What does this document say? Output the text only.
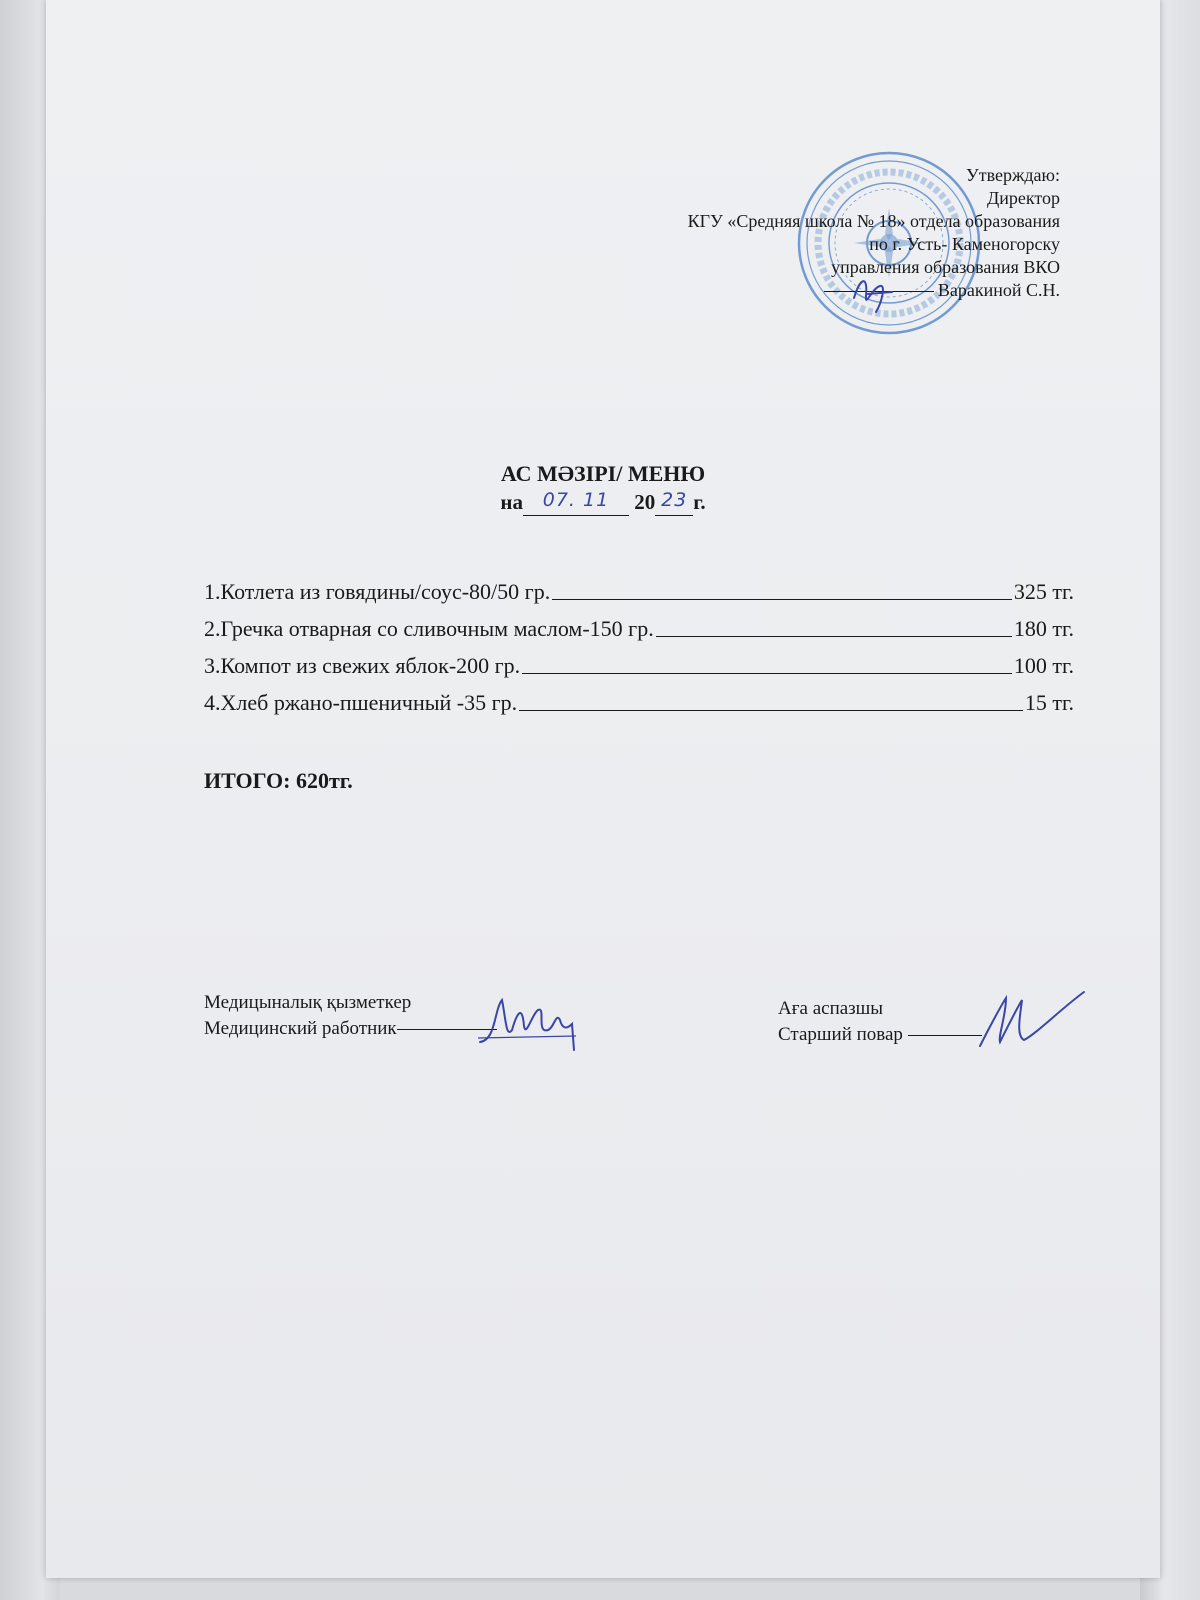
Утверждаю:
Директор
КГУ «Средняя школа № 18» отдела образования
по г. Усть- Каменогорску
управления образования ВКО
Варакиной С.Н.
АС МӘЗІРІ/ МЕНЮ
на 07. 11 20 23 г.
1.Котлета из говядины/соус-80/50 гр.	325 тг.
2.Гречка отварная со сливочным маслом-150 гр.	180 тг.
3.Компот из свежих яблок-200 гр.	100 тг.
4.Хлеб ржано-пшеничный -35 гр.	15 тг.
ИТОГО: 620тг.
Медицыналық қызметкер
Медицинский работник
Аға аспазшы
Старший повар
